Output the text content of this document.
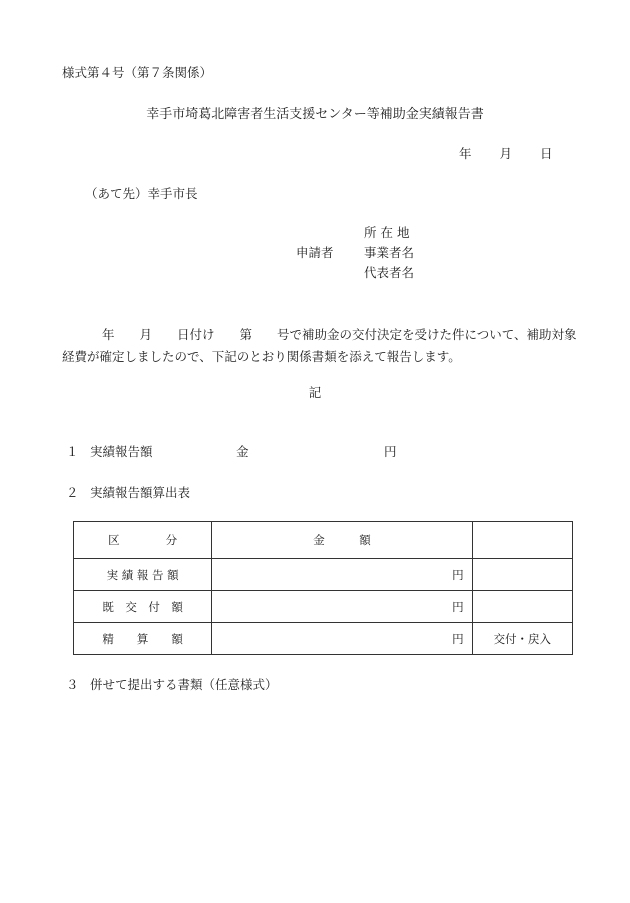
様式第４号（第７条関係）
幸手市埼葛北障害者生活支援センター等補助金実績報告書
年 月 日
（あて先）幸手市長
申請者
所 在 地
事業者名
代表者名
年　　月　　日付け　　第　　号で補助金の交付決定を受けた件について、補助対象経費が確定しましたので、下記のとおり関係書類を添えて報告します。
記
１ 実績報告額	金	円
２ 実績報告額算出表
区　　　　分	金　　　額	
実 績 報 告 額	円	
既　交　付　額	円	
精　　算　　額	円	交付・戻入
３ 併せて提出する書類（任意様式）
